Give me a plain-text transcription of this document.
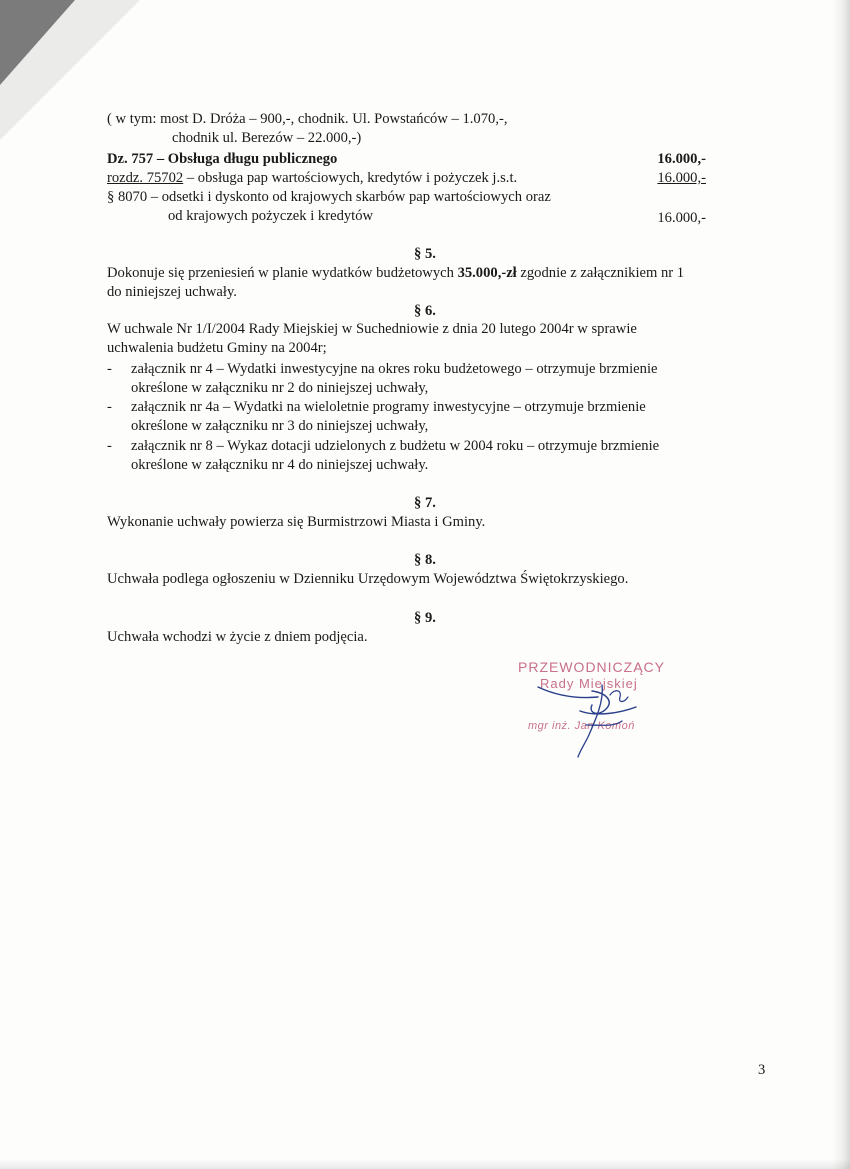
( w tym: most D. Dróża – 900,-, chodnik. Ul. Powstańców – 1.070,-,
chodnik ul. Berezów – 22.000,-)
Dz. 757 – Obsługa długu publicznego	16.000,-
rozdz. 75702 – obsługa pap wartościowych, kredytów i pożyczek j.s.t.	16.000,-
§ 8070 – odsetki i dyskonto od krajowych skarbów pap wartościowych oraz
od krajowych pożyczek i kredytów	16.000,-
§ 5.
Dokonuje się przeniesień w planie wydatków budżetowych 35.000,-zł zgodnie z załącznikiem nr 1
do niniejszej uchwały.
§ 6.
W uchwale Nr 1/I/2004 Rady Miejskiej w Suchedniowie z dnia 20 lutego 2004r w sprawie
uchwalenia budżetu Gminy na 2004r;
- załącznik nr 4 – Wydatki inwestycyjne na okres roku budżetowego – otrzymuje brzmienie
określone w załączniku nr 2 do niniejszej uchwały,
- załącznik nr 4a – Wydatki na wieloletnie programy inwestycyjne – otrzymuje brzmienie
określone w załączniku nr 3 do niniejszej uchwały,
- załącznik nr 8 – Wykaz dotacji udzielonych z budżetu w 2004 roku – otrzymuje brzmienie
określone w załączniku nr 4 do niniejszej uchwały.
§ 7.
Wykonanie uchwały powierza się Burmistrzowi Miasta i Gminy.
§ 8.
Uchwała podlega ogłoszeniu w Dzienniku Urzędowym Województwa Świętokrzyskiego.
§ 9.
Uchwała wchodzi w życie z dniem podjęcia.
PRZEWODNICZĄCY
Rady Miejskiej
mgr inż. Jan Komoń
3
